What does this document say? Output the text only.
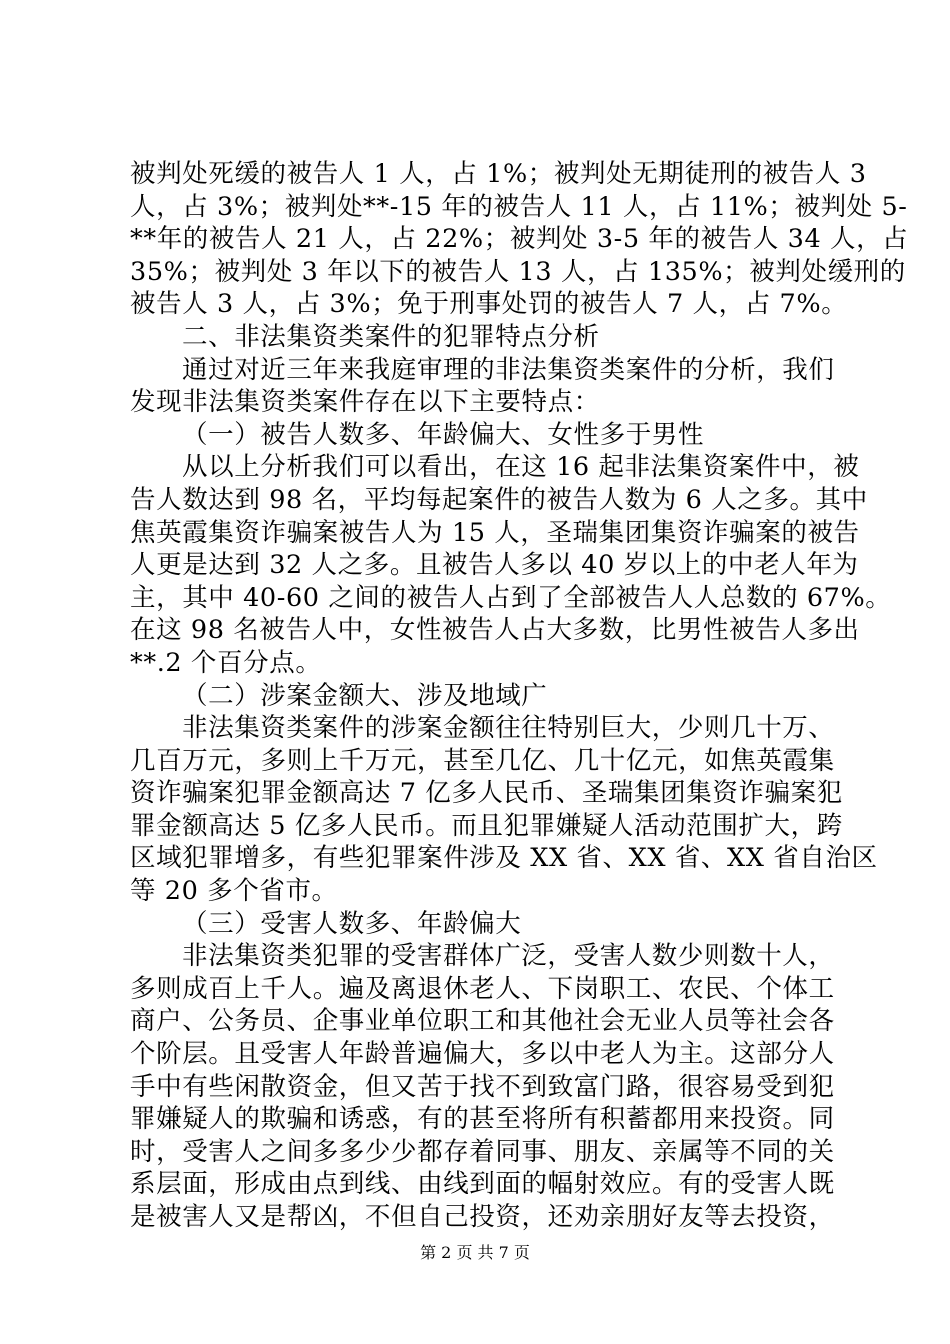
被判处死缓的被告人 1 人，占 1%；被判处无期徒刑的被告人 3
人，占 3%；被判处**-15 年的被告人 11 人，占 11%；被判处 5-
**年的被告人 21 人，占 22%；被判处 3-5 年的被告人 34 人，占
35%；被判处 3 年以下的被告人 13 人，占 135%；被判处缓刑的
被告人 3 人，占 3%；免于刑事处罚的被告人 7 人，占 7%。
二、非法集资类案件的犯罪特点分析
通过对近三年来我庭审理的非法集资类案件的分析，我们
发现非法集资类案件存在以下主要特点：
（一）被告人数多、年龄偏大、女性多于男性
从以上分析我们可以看出，在这 16 起非法集资案件中，被
告人数达到 98 名，平均每起案件的被告人数为 6 人之多。其中
焦英霞集资诈骗案被告人为 15 人，圣瑞集团集资诈骗案的被告
人更是达到 32 人之多。且被告人多以 40 岁以上的中老人年为
主，其中 40-60 之间的被告人占到了全部被告人人总数的 67%。
在这 98 名被告人中，女性被告人占大多数，比男性被告人多出
**.2 个百分点。
（二）涉案金额大、涉及地域广
非法集资类案件的涉案金额往往特别巨大，少则几十万、
几百万元，多则上千万元，甚至几亿、几十亿元，如焦英霞集
资诈骗案犯罪金额高达 7 亿多人民币、圣瑞集团集资诈骗案犯
罪金额高达 5 亿多人民币。而且犯罪嫌疑人活动范围扩大，跨
区域犯罪增多，有些犯罪案件涉及 XX 省、XX 省、XX 省自治区
等 20 多个省市。
（三）受害人数多、年龄偏大
非法集资类犯罪的受害群体广泛，受害人数少则数十人，
多则成百上千人。遍及离退休老人、下岗职工、农民、个体工
商户、公务员、企事业单位职工和其他社会无业人员等社会各
个阶层。且受害人年龄普遍偏大，多以中老人为主。这部分人
手中有些闲散资金，但又苦于找不到致富门路，很容易受到犯
罪嫌疑人的欺骗和诱惑，有的甚至将所有积蓄都用来投资。同
时，受害人之间多多少少都存着同事、朋友、亲属等不同的关
系层面，形成由点到线、由线到面的幅射效应。有的受害人既
是被害人又是帮凶，不但自己投资，还劝亲朋好友等去投资，
第 2 页 共 7 页
